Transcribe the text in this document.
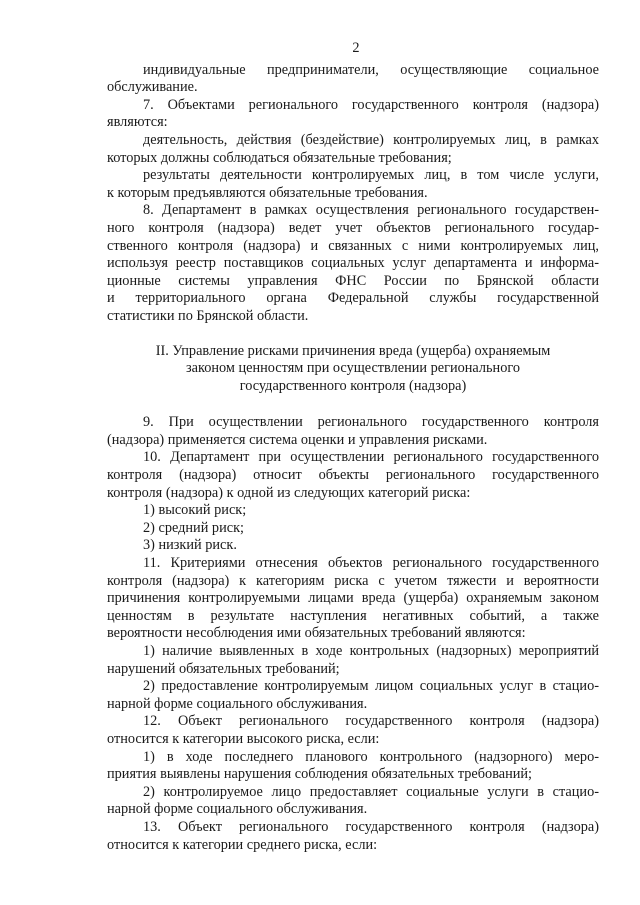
2
индивидуальные предприниматели, осуществляющие социальное
обслуживание.
7. Объектами регионального государственного контроля (надзора)
являются:
деятельность, действия (бездействие) контролируемых лиц, в рамках
которых должны соблюдаться обязательные требования;
результаты деятельности контролируемых лиц, в том числе услуги,
к которым предъявляются обязательные требования.
8. Департамент в рамках осуществления регионального государствен-
ного контроля (надзора) ведет учет объектов регионального государ-
ственного контроля (надзора) и связанных с ними контролируемых лиц,
используя реестр поставщиков социальных услуг департамента и информа-
ционные системы управления ФНС России по Брянской области
и территориального органа Федеральной службы государственной
статистики по Брянской области.
II. Управление рисками причинения вреда (ущерба) охраняемым
законом ценностям при осуществлении регионального
государственного контроля (надзора)
9. При осуществлении регионального государственного контроля
(надзора) применяется система оценки и управления рисками.
10. Департамент при осуществлении регионального государственного
контроля (надзора) относит объекты регионального государственного
контроля (надзора) к одной из следующих категорий риска:
1) высокий риск;
2) средний риск;
3) низкий риск.
11. Критериями отнесения объектов регионального государственного
контроля (надзора) к категориям риска с учетом тяжести и вероятности
причинения контролируемыми лицами вреда (ущерба) охраняемым законом
ценностям в результате наступления негативных событий, а также
вероятности несоблюдения ими обязательных требований являются:
1) наличие выявленных в ходе контрольных (надзорных) мероприятий
нарушений обязательных требований;
2) предоставление контролируемым лицом социальных услуг в стацио-
нарной форме социального обслуживания.
12. Объект регионального государственного контроля (надзора)
относится к категории высокого риска, если:
1) в ходе последнего планового контрольного (надзорного) меро-
приятия выявлены нарушения соблюдения обязательных требований;
2) контролируемое лицо предоставляет социальные услуги в стацио-
нарной форме социального обслуживания.
13. Объект регионального государственного контроля (надзора)
относится к категории среднего риска, если:
